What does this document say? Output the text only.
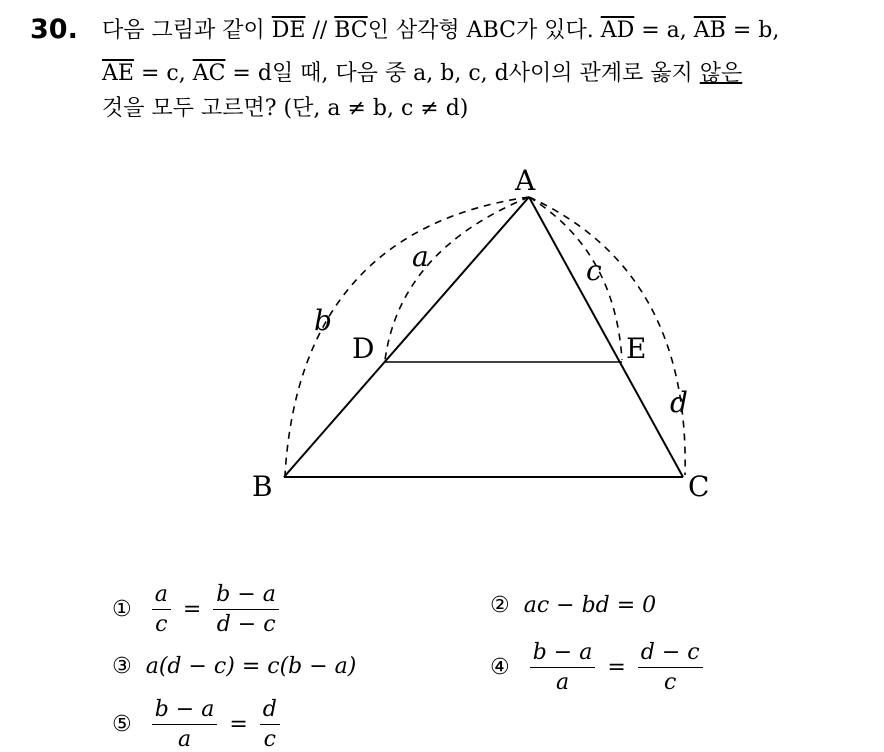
30. 다음 그림과 같이 $\overline{DE} // \overline{BC}$인 삼각형 ABC가 있다. $\overline{AD} = a$, $\overline{AB} = b$,
$\overline{AE} = c$, $\overline{AC} = d$일 때, 다음 중 a, b, c, d사이의 관계로 옳지 않은
것을 모두 고르면? (단, a ≠ b, c ≠ d)
A
B	C
D	E
a
b
c
d
① $\frac{a}{c} = \frac{b - a}{d - c}$	② ac − bd = 0
③ a(d − c) = c(b − a)	④ $\frac{b - a}{a} = \frac{d - c}{c}$
⑤ $\frac{b - a}{a} = \frac{d}{c}$
